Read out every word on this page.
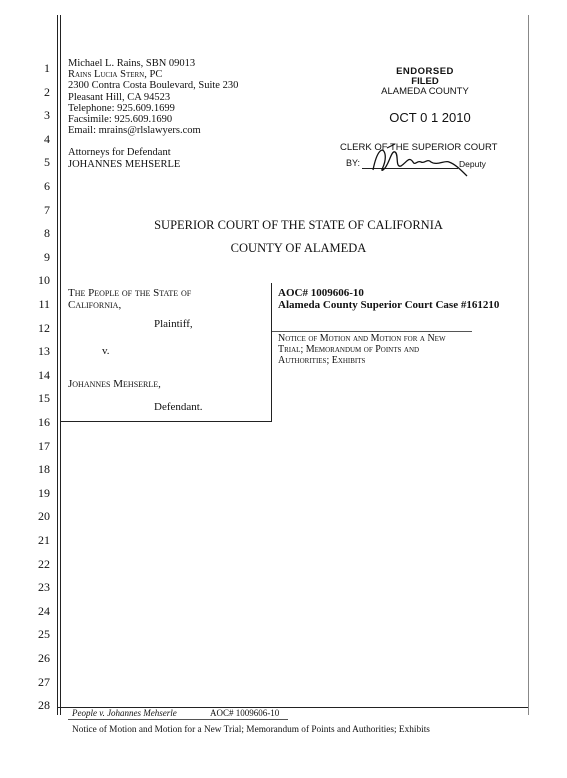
1
2
3
4
5
6
7
8
9
10
11
12
13
14
15
16
17
18
19
20
21
22
23
24
25
26
27
28
Michael L. Rains, SBN 09013
Rains Lucia Stern, PC
2300 Contra Costa Boulevard, Suite 230
Pleasant Hill, CA 94523
Telephone: 925.609.1699
Facsimile: 925.609.1690
Email: mrains@rlslawyers.com
Attorneys for Defendant
JOHANNES MEHSERLE
ENDORSED
FILED
ALAMEDA COUNTY
OCT 0 1 2010
CLERK OF THE SUPERIOR COURT
BY:	Deputy
SUPERIOR COURT OF THE STATE OF CALIFORNIA
COUNTY OF ALAMEDA
The People of the State of
California,
Plaintiff,
v.
Johannes Mehserle,
Defendant.
AOC# 1009606-10
Alameda County Superior Court Case #161210
Notice of Motion and Motion for a New
Trial; Memorandum of Points and
Authorities; Exhibits
People v. Johannes Mehserle	AOC# 1009606-10
Notice of Motion and Motion for a New Trial; Memorandum of Points and Authorities; Exhibits
